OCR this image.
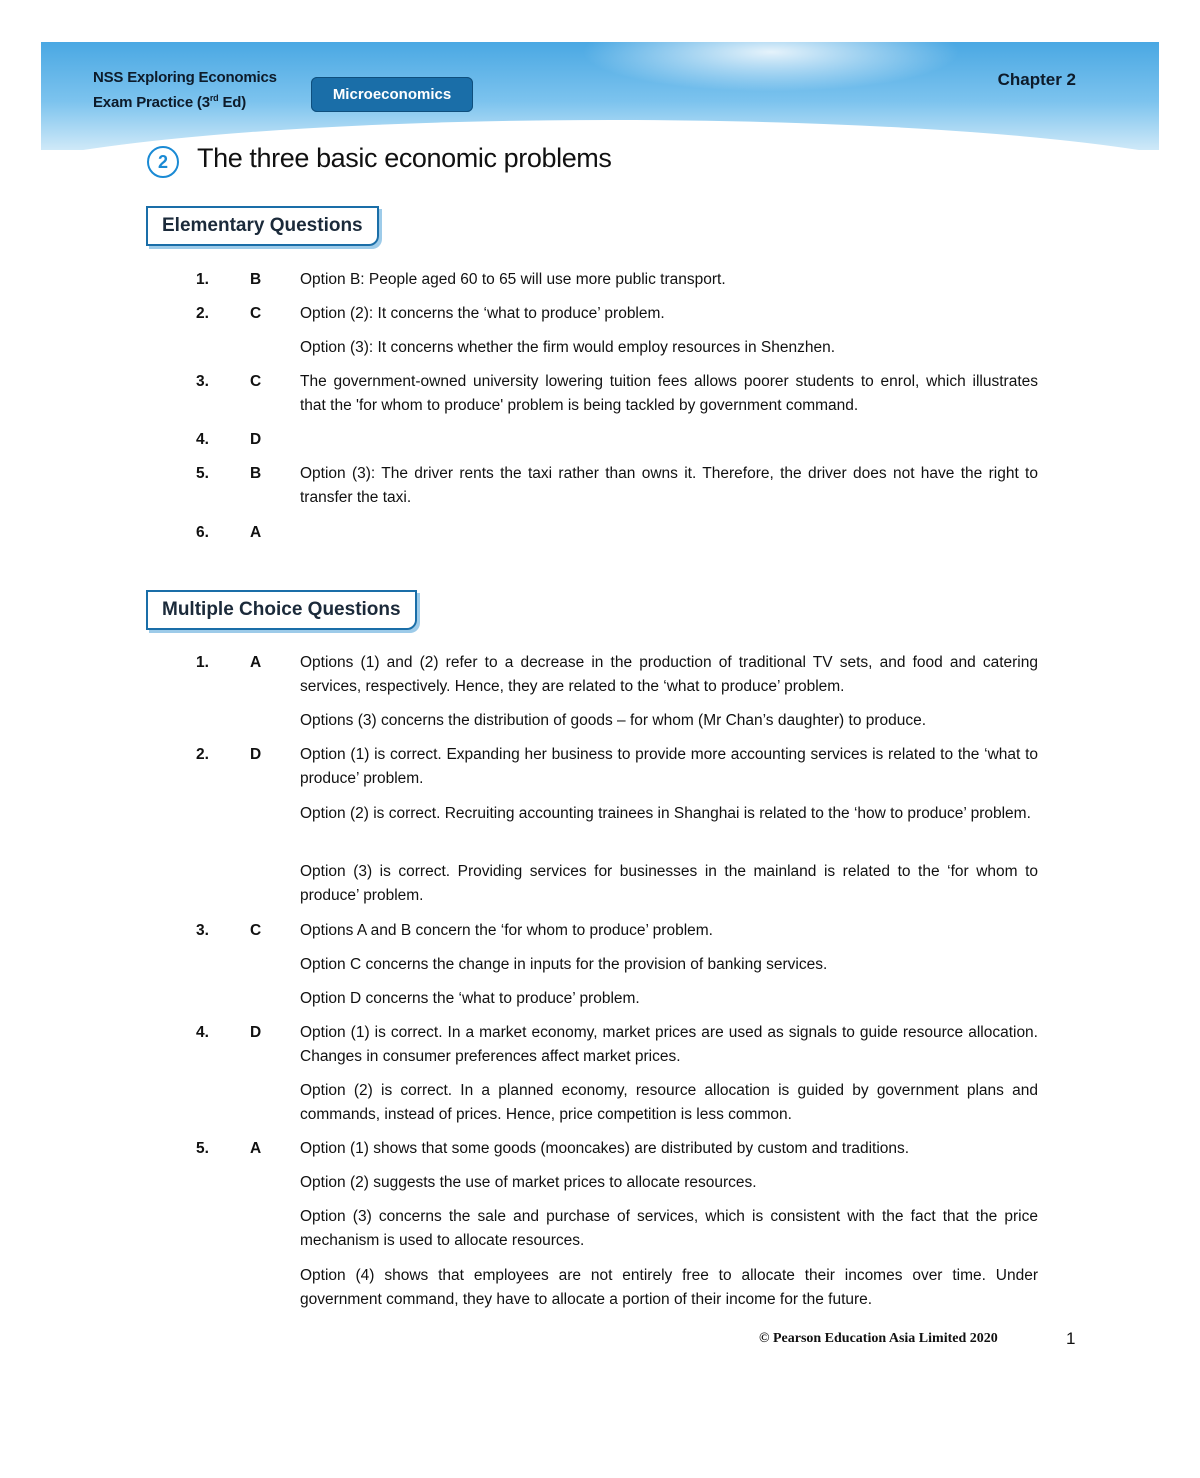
NSS Exploring Economics
Exam Practice (3rd Ed)	Microeconomics
Chapter 2
2	The three basic economic problems
Elementary Questions
Multiple Choice Questions
1.	B	Option B: People aged 60 to 65 will use more public transport.
2.	C	Option (2): It concerns the ‘what to produce’ problem.
Option (3): It concerns whether the firm would employ resources in Shenzhen.
3.	C	The government-owned university lowering tuition fees allows poorer students to enrol, which illustrates that the 'for whom to produce' problem is being tackled by government command.
4.	D
5.	B	Option (3): The driver rents the taxi rather than owns it. Therefore, the driver does not have the right to transfer the taxi.
6.	A
1.	A	Options (1) and (2) refer to a decrease in the production of traditional TV sets, and food and catering services, respectively. Hence, they are related to the ‘what to produce’ problem.
Options (3) concerns the distribution of goods – for whom (Mr Chan’s daughter) to produce.
2.	D	Option (1) is correct. Expanding her business to provide more accounting services is related to the ‘what to produce’ problem.
Option (2) is correct. Recruiting accounting trainees in Shanghai is related to the ‘how to produce’ problem.
Option (3) is correct. Providing services for businesses in the mainland is related to the ‘for whom to produce’ problem.
3.	C	Options A and B concern the ‘for whom to produce’ problem.
Option C concerns the change in inputs for the provision of banking services.
Option D concerns the ‘what to produce’ problem.
4.	D	Option (1) is correct. In a market economy, market prices are used as signals to guide resource allocation. Changes in consumer preferences affect market prices.
Option (2) is correct. In a planned economy, resource allocation is guided by government plans and commands, instead of prices. Hence, price competition is less common.
5.	A	Option (1) shows that some goods (mooncakes) are distributed by custom and traditions.
Option (2) suggests the use of market prices to allocate resources.
Option (3) concerns the sale and purchase of services, which is consistent with the fact that the price mechanism is used to allocate resources.
Option (4) shows that employees are not entirely free to allocate their incomes over time. Under government command, they have to allocate a portion of their income for the future.
© Pearson Education Asia Limited 2020	1
